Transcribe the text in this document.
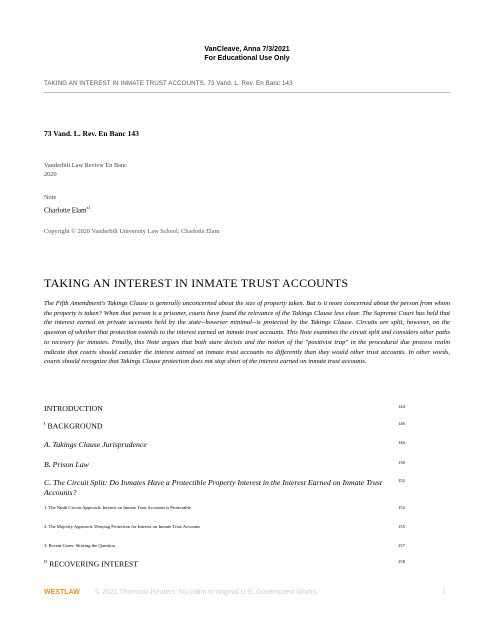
VanCleave, Anna 7/3/2021
For Educational Use Only
TAKING AN INTEREST IN INMATE TRUST ACCOUNTS, 73 Vand. L. Rev. En Banc 143
73 Vand. L. Rev. En Banc 143
Vanderbilt Law Review En Banc
2020
Note
Charlotte Elam$^{a1}$
Copyright © 2020 Vanderbilt University Law School; Charlotte Elam
TAKING AN INTEREST IN INMATE TRUST ACCOUNTS
The Fifth Amendment's Takings Clause is generally unconcerned about the size of property taken. But is it more concerned about the person from whom the property is taken? When that person is a prisoner, courts have found the relevance of the Takings Clause less clear. The Supreme Court has held that the interest earned on private accounts held by the state--however minimal--is protected by the Takings Clause. Circuits are split, however, on the question of whether that protection extends to the interest earned on inmate trust accounts. This Note examines the circuit split and considers other paths to recovery for inmates. Finally, this Note argues that both stare decisis and the notion of the "positivist trap" in the procedural due process realm indicate that courts should consider the interest earned on inmate trust accounts no differently than they would other trust accounts. In other words, courts should recognize that Takings Clause protection does not stop short of the interest earned on inmate trust accounts.
INTRODUCTION	144
$^I$ BACKGROUND	146
A. Takings Clause Jurisprudence	146
B. Prison Law	150
C. The Circuit Split: Do Inmates Have a Protectible Property Interest in the Interest Earned on Inmate Trust Accounts?
152
1. The Ninth Circuit Approach: Interest on Inmate Trust Accounts is Protectable	152
2. The Majority Approach: Denying Protection for Interest on Inmate Trust Accounts	155
3. Recent Cases: Skirting the Question	157
$^{II}$ RECOVERING INTEREST	158
WESTLAW © 2021 Thomson Reuters. No claim to original U.S. Government Works.	1
